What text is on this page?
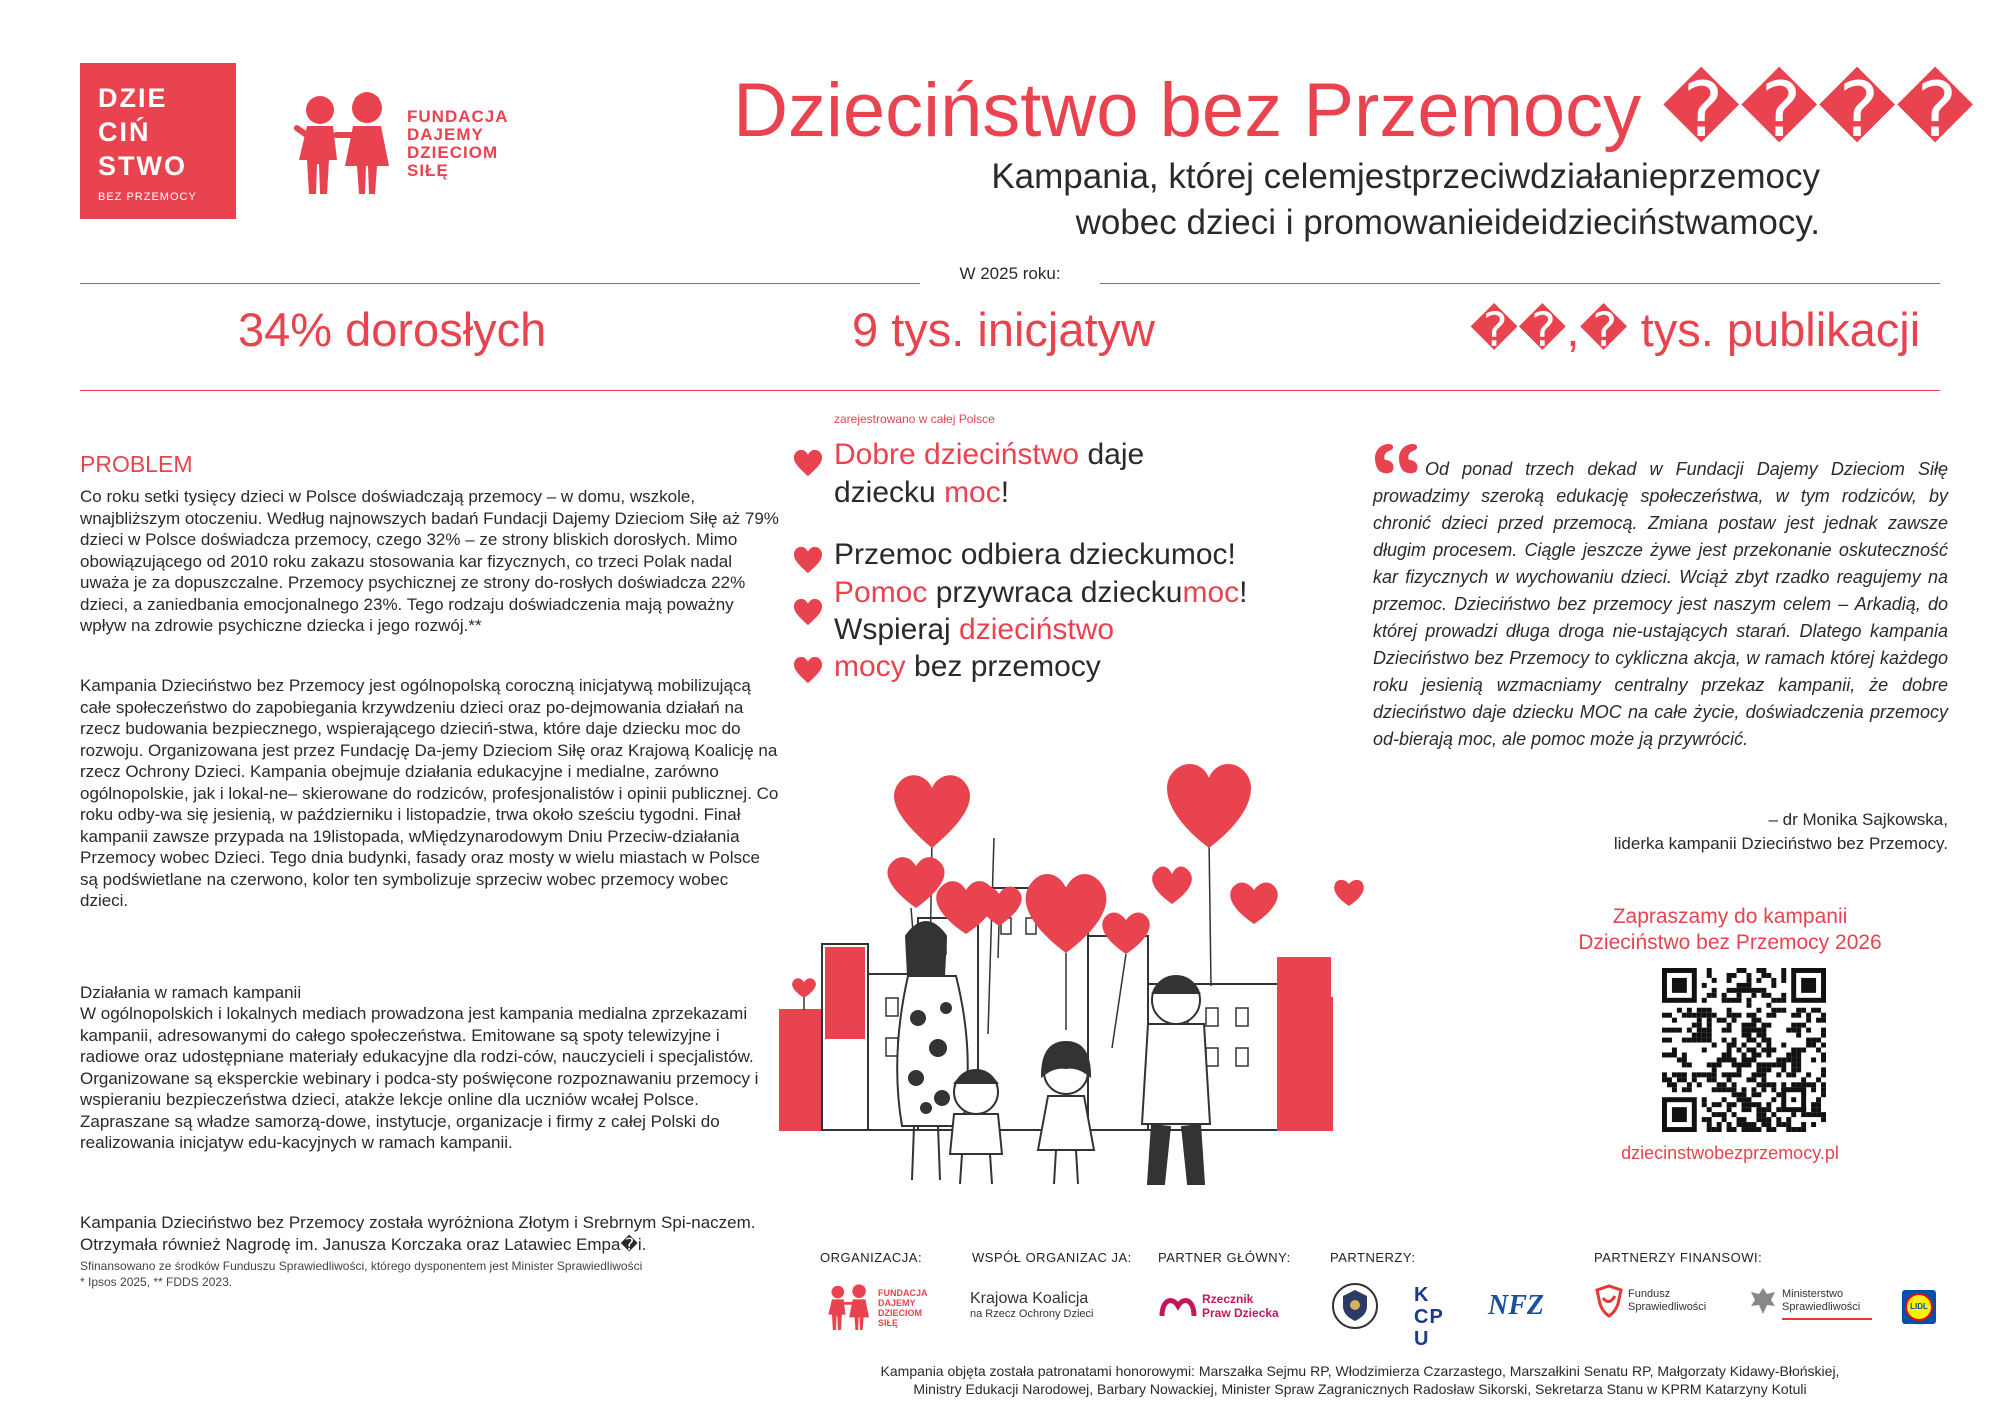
DZIE
CIŃ
STWO
BEZ PRZEMOCY
FUNDACJA
DAJEMY
DZIECIOM
SIŁĘ
Dzieciństwo bez Przemocy ����
Kampania, której celemjestprzeciwdziałanieprzemocy
wobec dzieci i promowanieideidzieciństwamocy.
W 2025 roku:
34% dorosłych	9 tys. inicjatyw	��,� tys. publikacji
zarejestrowano w całej Polsce
PROBLEM
Co roku setki tysięcy dzieci w Polsce doświadczają przemocy – w domu, wszkole, wnajbliższym otoczeniu. Według najnowszych badań Fundacji Dajemy Dzieciom Siłę aż 79% dzieci w Polsce doświadcza przemocy, czego 32% – ze strony bliskich dorosłych. Mimo obowiązującego od 2010 roku zakazu stosowania kar fizycznych, co trzeci Polak nadal uważa je za dopuszczalne. Przemocy psychicznej ze strony do-rosłych doświadcza 22% dzieci, a zaniedbania emocjonalnego 23%. Tego rodzaju doświadczenia mają poważny wpływ na zdrowie psychiczne dziecka i jego rozwój.**
Kampania Dzieciństwo bez Przemocy jest ogólnopolską coroczną inicjatywą mobilizującą całe społeczeństwo do zapobiegania krzywdzeniu dzieci oraz po-dejmowania działań na rzecz budowania bezpiecznego, wspierającego dzieciń-stwa, które daje dziecku moc do rozwoju. Organizowana jest przez Fundację Da-jemy Dzieciom Siłę oraz Krajową Koalicję na rzecz Ochrony Dzieci. Kampania obejmuje działania edukacyjne i medialne, zarówno ogólnopolskie, jak i lokal-ne– skierowane do rodziców, profesjonalistów i opinii publicznej. Co roku odby-wa się jesienią, w październiku i listopadzie, trwa około sześciu tygodni. Finał kampanii zawsze przypada na 19listopada, wMiędzynarodowym Dniu Przeciw-działania Przemocy wobec Dzieci. Tego dnia budynki, fasady oraz mosty w wielu miastach w Polsce są podświetlane na czerwono, kolor ten symbolizuje sprzeciw wobec przemocy wobec dzieci.
Działania w ramach kampanii
W ogólnopolskich i lokalnych mediach prowadzona jest kampania medialna zprzekazami kampanii, adresowanymi do całego społeczeństwa. Emitowane są spoty telewizyjne i radiowe oraz udostępniane materiały edukacyjne dla rodzi-ców, nauczycieli i specjalistów. Organizowane są eksperckie webinary i podca-sty poświęcone rozpoznawaniu przemocy i wspieraniu bezpieczeństwa dzieci, atakże lekcje online dla uczniów wcałej Polsce. Zapraszane są władze samorzą-dowe, instytucje, organizacje i firmy z całej Polski do realizowania inicjatyw edu-kacyjnych w ramach kampanii.
Kampania Dzieciństwo bez Przemocy została wyróżniona Złotym i Srebrnym Spi-naczem. Otrzymała również Nagrodę im. Janusza Korczaka oraz Latawiec Empa�i.
Sfinansowano ze środków Funduszu Sprawiedliwości, którego dysponentem jest Minister Sprawiedliwości
* Ipsos 2025, ** FDDS 2023.
Dobre dzieciństwo daje
dziecku moc!
Przemoc odbiera dzieckumoc!
Pomoc przywraca dzieckumoc!
Wspieraj dzieciństwo
mocy bez przemocy
Od ponad trzech dekad w Fundacji Dajemy Dzieciom Siłę prowadzimy szeroką edukację społeczeństwa, w tym rodziców, by chronić dzieci przed przemocą. Zmiana postaw jest jednak zawsze długim procesem. Ciągle jeszcze żywe jest przekonanie oskuteczność kar fizycznych w wychowaniu dzieci. Wciąż zbyt rzadko reagujemy na przemoc. Dzieciństwo bez przemocy jest naszym celem – Arkadią, do której prowadzi długa droga nie-ustających starań. Dlatego kampania Dzieciństwo bez Przemocy to cykliczna akcja, w ramach której każdego roku jesienią wzmacniamy centralny przekaz kampanii, że dobre dzieciństwo daje dziecku MOC na całe życie, doświadczenia przemocy od-bierają moc, ale pomoc może ją przywrócić.
– dr Monika Sajkowska,
liderka kampanii Dzieciństwo bez Przemocy.
Zapraszamy do kampanii
Dzieciństwo bez Przemocy 2026
dziecinstwobezprzemocy.pl
ORGANIZACJA:	WSPÓŁ ORGANIZAC JA: PARTNER GŁÓWNY:	PARTNERZY:	PARTNERZY FINANSOWI:
FUNDACJA
DAJEMY
DZIECIOM
SIŁĘ
Krajowa Koalicja
na Rzecz Ochrony Dzieci
Rzecznik
Praw Dziecka
KCPU
NFZ	Fundusz
Sprawiedliwości
Ministerstwo
Sprawiedliwości	LIDL
Kampania objęta została patronatami honorowymi: Marszałka Sejmu RP, Włodzimierza Czarzastego, Marszałkini Senatu RP, Małgorzaty Kidawy-Błońskiej,
Ministry Edukacji Narodowej, Barbary Nowackiej, Minister Spraw Zagranicznych Radosław Sikorski, Sekretarza Stanu w KPRM Katarzyny Kotuli
